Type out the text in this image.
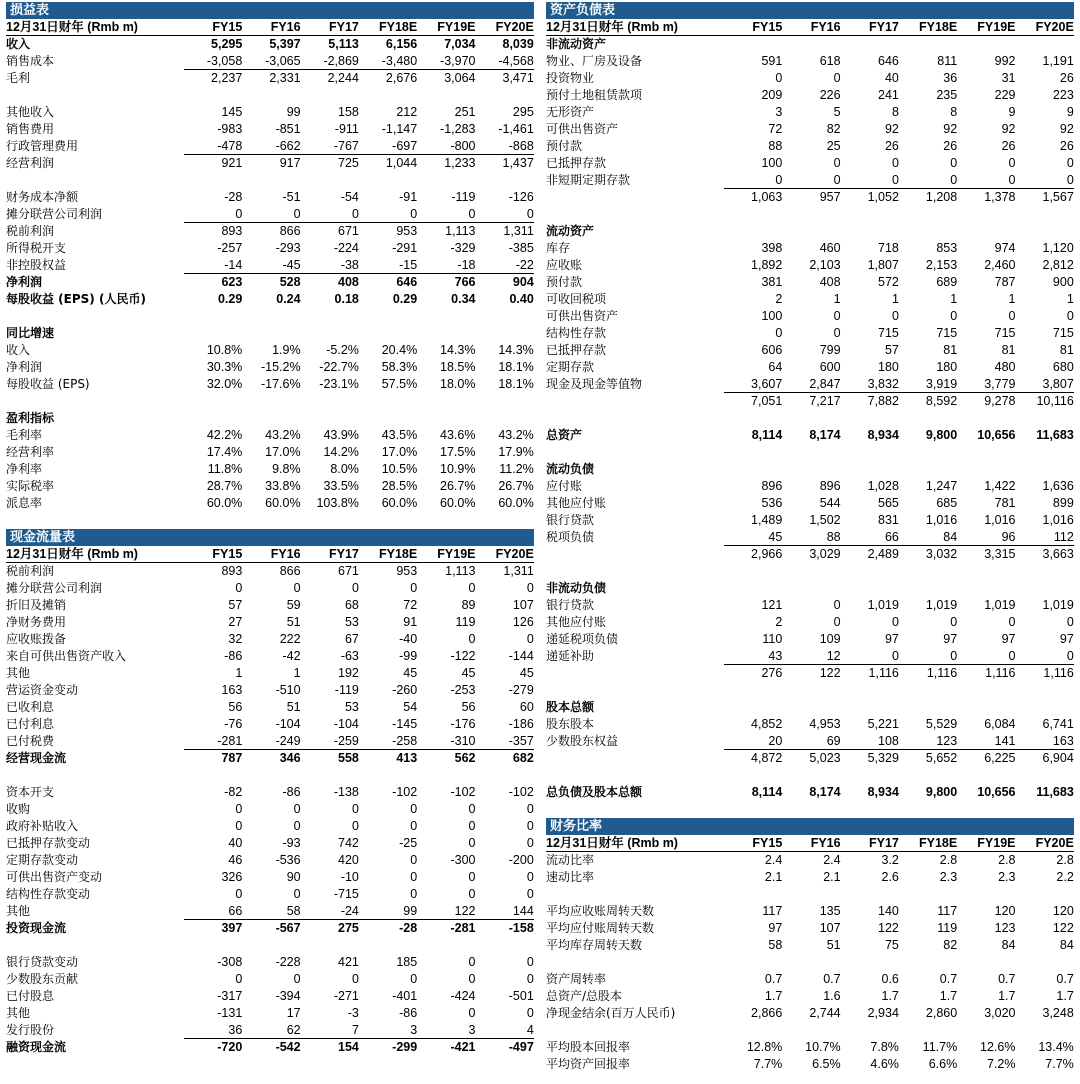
损益表
12月31日财年 (Rmb m)	FY15	FY16	FY17	FY18E	FY19E	FY20E
收入	5,295	5,397	5,113	6,156	7,034	8,039
销售成本	-3,058	-3,065	-2,869	-3,480	-3,970	-4,568
毛利	2,237	2,331	2,244	2,676	3,064	3,471
其他收入	145	99	158	212	251	295
销售费用	-983	-851	-911	-1,147	-1,283	-1,461
行政管理费用	-478	-662	-767	-697	-800	-868
经营利润	921	917	725	1,044	1,233	1,437
财务成本净额	-28	-51	-54	-91	-119	-126
摊分联营公司利润	0	0	0	0	0	0
税前利润	893	866	671	953	1,113	1,311
所得税开支	-257	-293	-224	-291	-329	-385
非控股权益	-14	-45	-38	-15	-18	-22
净利润	623	528	408	646	766	904
每股收益 (EPS) (人民币)	0.29	0.24	0.18	0.29	0.34	0.40
同比增速
收入	10.8%	1.9%	-5.2%	20.4%	14.3%	14.3%
净利润	30.3%	-15.2%	-22.7%	58.3%	18.5%	18.1%
每股收益 (EPS)	32.0%	-17.6%	-23.1%	57.5%	18.0%	18.1%
盈利指标
毛利率	42.2%	43.2%	43.9%	43.5%	43.6%	43.2%
经营利率	17.4%	17.0%	14.2%	17.0%	17.5%	17.9%
净利率	11.8%	9.8%	8.0%	10.5%	10.9%	11.2%
实际税率	28.7%	33.8%	33.5%	28.5%	26.7%	26.7%
派息率	60.0%	60.0%	103.8%	60.0%	60.0%	60.0%
现金流量表
12月31日财年 (Rmb m)	FY15	FY16	FY17	FY18E	FY19E	FY20E
税前利润	893	866	671	953	1,113	1,311
摊分联营公司利润	0	0	0	0	0	0
折旧及摊销	57	59	68	72	89	107
净财务费用	27	51	53	91	119	126
应收账拨备	32	222	67	-40	0	0
来自可供出售资产收入	-86	-42	-63	-99	-122	-144
其他	1	1	192	45	45	45
营运资金变动	163	-510	-119	-260	-253	-279
已收利息	56	51	53	54	56	60
已付利息	-76	-104	-104	-145	-176	-186
已付税费	-281	-249	-259	-258	-310	-357
经营现金流	787	346	558	413	562	682
资本开支	-82	-86	-138	-102	-102	-102
收购	0	0	0	0	0	0
政府补贴收入	0	0	0	0	0	0
已抵押存款变动	40	-93	742	-25	0	0
定期存款变动	46	-536	420	0	-300	-200
可供出售资产变动	326	90	-10	0	0	0
结构性存款变动	0	0	-715	0	0	0
其他	66	58	-24	99	122	144
投资现金流	397	-567	275	-28	-281	-158
银行贷款变动	-308	-228	421	185	0	0
少数股东贡献	0	0	0	0	0	0
已付股息	-317	-394	-271	-401	-424	-501
其他	-131	17	-3	-86	0	0
发行股份	36	62	7	3	3	4
融资现金流	-720	-542	154	-299	-421	-497
资产负债表
12月31日财年 (Rmb m)	FY15	FY16	FY17	FY18E	FY19E	FY20E
非流动资产
物业、厂房及设备	591	618	646	811	992	1,191
投资物业	0	0	40	36	31	26
预付土地租赁款项	209	226	241	235	229	223
无形资产	3	5	8	8	9	9
可供出售资产	72	82	92	92	92	92
预付款	88	25	26	26	26	26
已抵押存款	100	0	0	0	0	0
非短期定期存款	0	0	0	0	0	0
1,063	957	1,052	1,208	1,378	1,567
流动资产
库存	398	460	718	853	974	1,120
应收账	1,892	2,103	1,807	2,153	2,460	2,812
预付款	381	408	572	689	787	900
可收回税项	2	1	1	1	1	1
可供出售资产	100	0	0	0	0	0
结构性存款	0	0	715	715	715	715
已抵押存款	606	799	57	81	81	81
定期存款	64	600	180	180	480	680
现金及现金等值物	3,607	2,847	3,832	3,919	3,779	3,807
7,051	7,217	7,882	8,592	9,278	10,116
总资产	8,114	8,174	8,934	9,800	10,656	11,683
流动负债
应付账	896	896	1,028	1,247	1,422	1,636
其他应付账	536	544	565	685	781	899
银行贷款	1,489	1,502	831	1,016	1,016	1,016
税项负债	45	88	66	84	96	112
2,966	3,029	2,489	3,032	3,315	3,663
非流动负债
银行贷款	121	0	1,019	1,019	1,019	1,019
其他应付账	2	0	0	0	0	0
递延税项负债	110	109	97	97	97	97
递延补助	43	12	0	0	0	0
276	122	1,116	1,116	1,116	1,116
股本总额
股东股本	4,852	4,953	5,221	5,529	6,084	6,741
少数股东权益	20	69	108	123	141	163
4,872	5,023	5,329	5,652	6,225	6,904
总负债及股本总额	8,114	8,174	8,934	9,800	10,656	11,683
财务比率
12月31日财年 (Rmb m)	FY15	FY16	FY17	FY18E	FY19E	FY20E
流动比率	2.4	2.4	3.2	2.8	2.8	2.8
速动比率	2.1	2.1	2.6	2.3	2.3	2.2
平均应收账周转天数	117	135	140	117	120	120
平均应付账周转天数	97	107	122	119	123	122
平均库存周转天数	58	51	75	82	84	84
资产周转率	0.7	0.7	0.6	0.7	0.7	0.7
总资产/总股本	1.7	1.6	1.7	1.7	1.7	1.7
净现金结余(百万人民币)	2,866	2,744	2,934	2,860	3,020	3,248
平均股本回报率	12.8%	10.7%	7.8%	11.7%	12.6%	13.4%
平均资产回报率	7.7%	6.5%	4.6%	6.6%	7.2%	7.7%
